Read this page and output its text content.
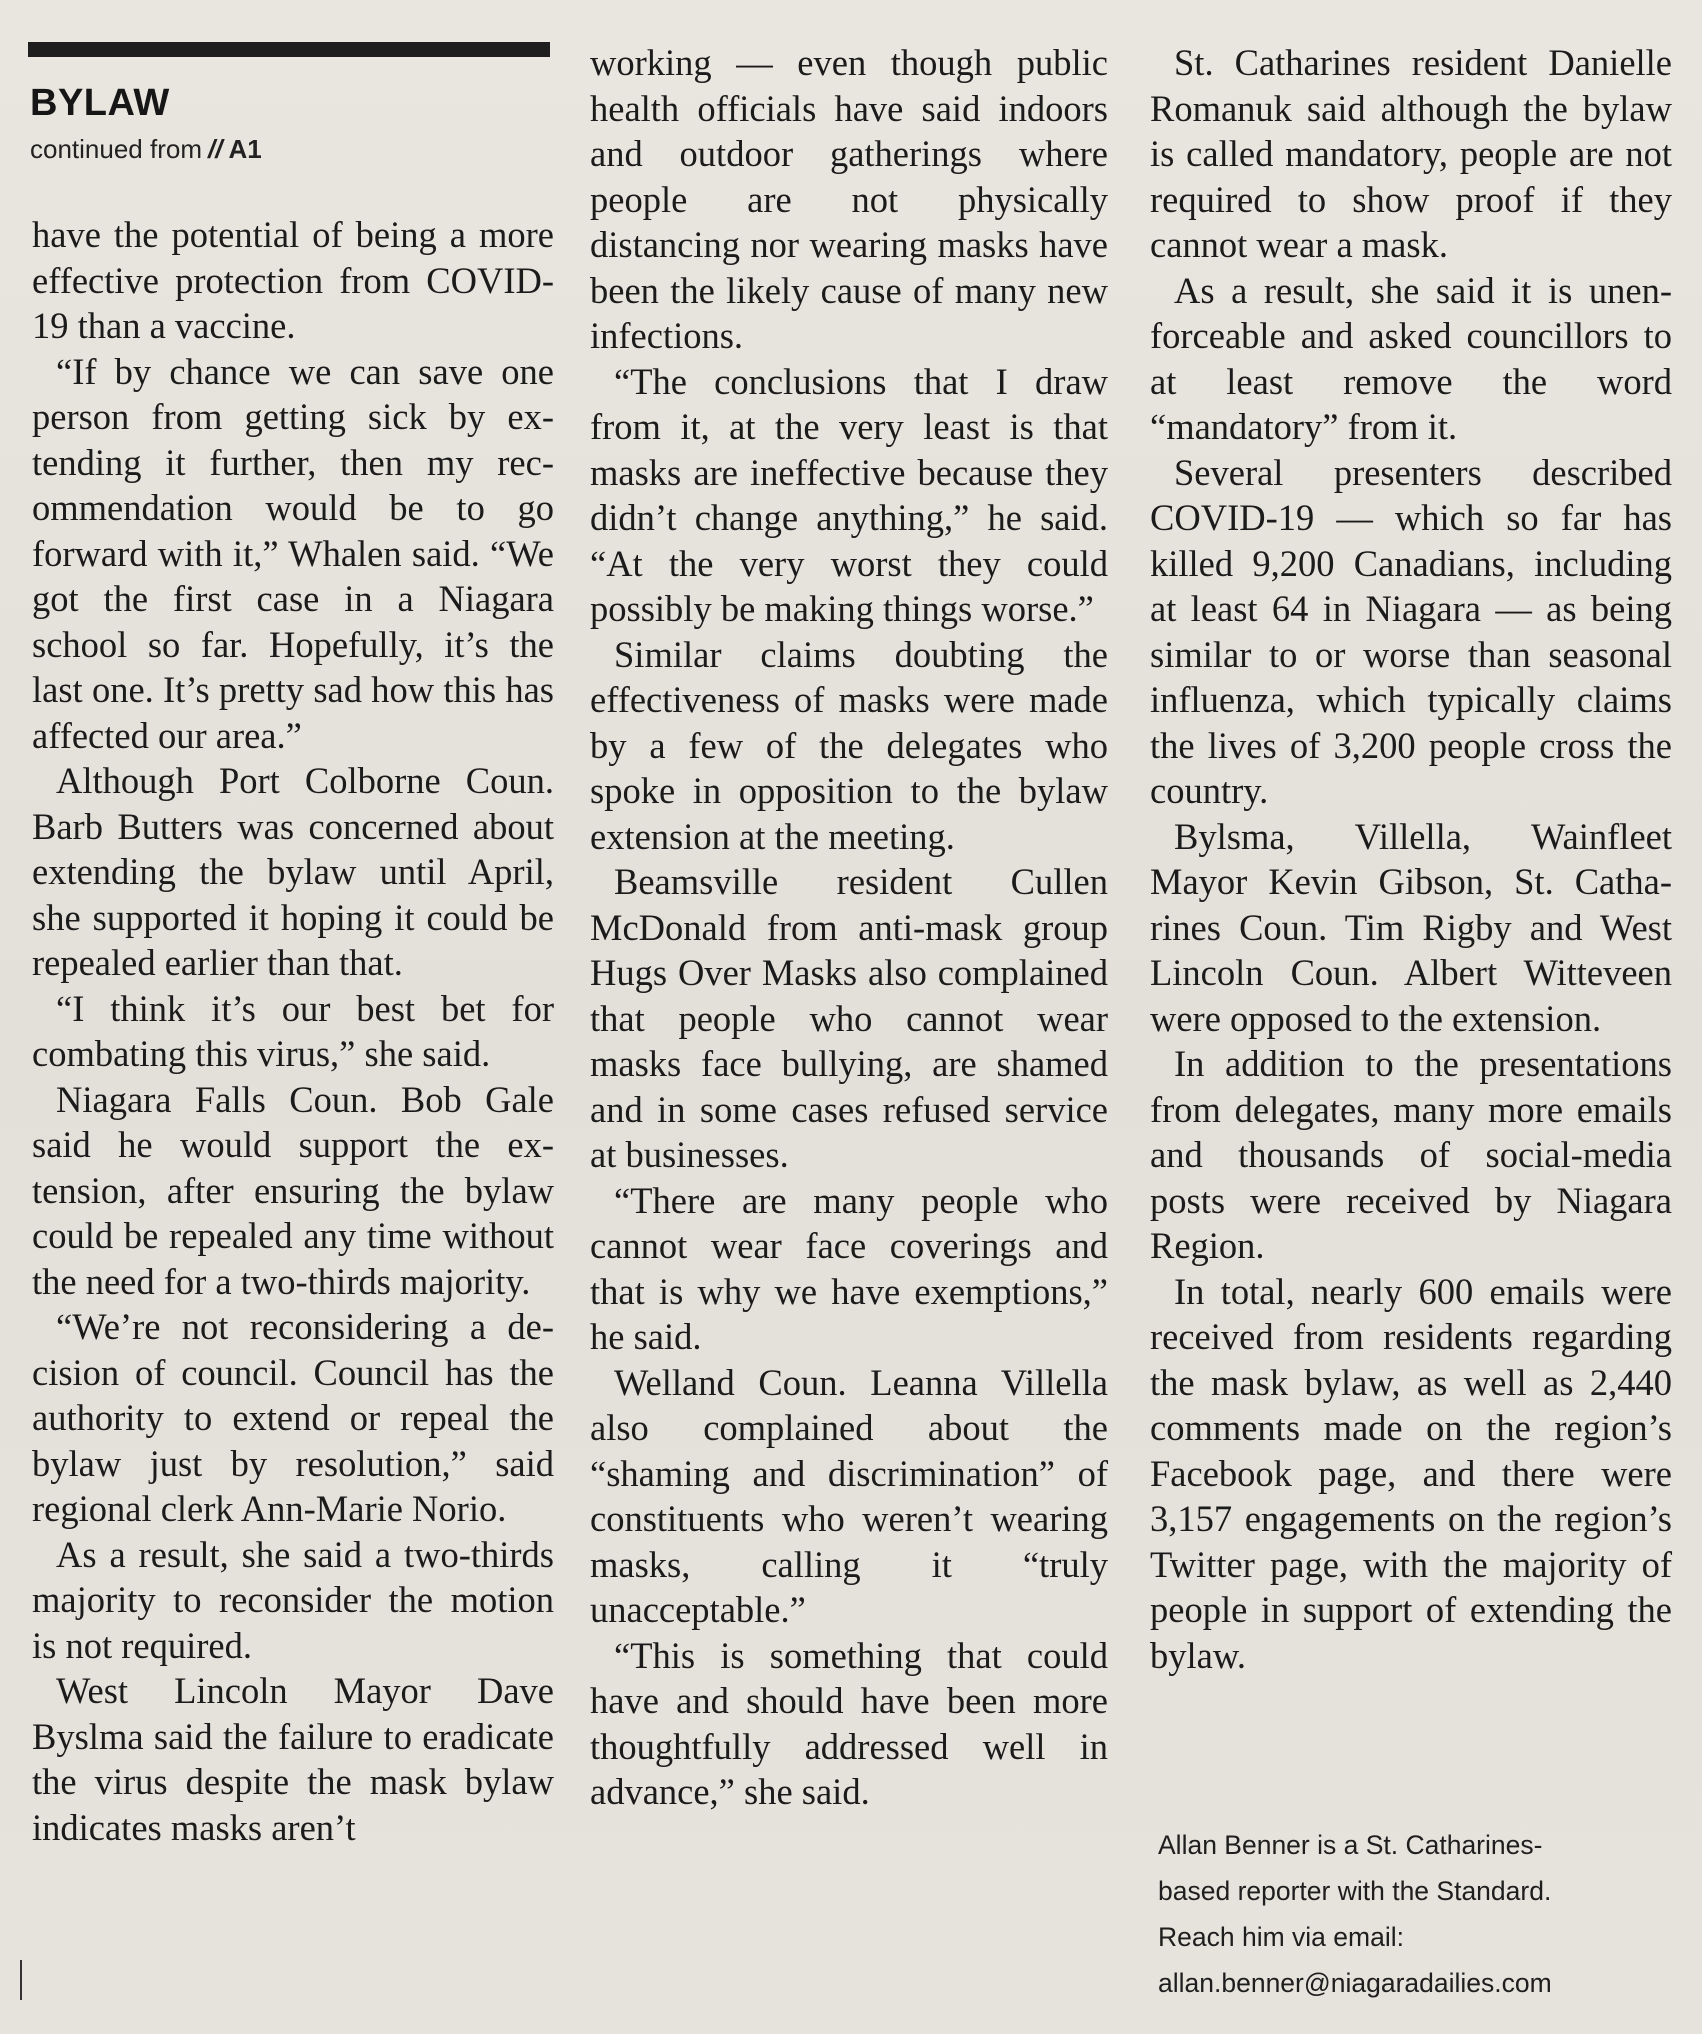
BYLAW
continued from // A1

have the potential of being a more effective protection from COVID-19 than a vaccine.

“If by chance we can save one person from getting sick by extending it further, then my recommendation would be to go forward with it,” Whalen said. “We got the first case in a Niagara school so far. Hopefully, it’s the last one. It’s pretty sad how this has affected our area.”

Although Port Colborne Coun. Barb Butters was concerned about extending the bylaw until April, she supported it hoping it could be repealed earlier than that.

“I think it’s our best bet for combating this virus,” she said.

Niagara Falls Coun. Bob Gale said he would support the extension, after ensuring the bylaw could be repealed any time without the need for a two-thirds majority.

“We’re not reconsidering a decision of council. Council has the authority to extend or repeal the bylaw just by resolution,” said regional clerk Ann-Marie Norio.

As a result, she said a two-thirds majority to reconsider the motion is not required.

West Lincoln Mayor Dave Byslma said the failure to eradicate the virus despite the mask bylaw indicates masks aren’t

working — even though public health officials have said indoors and outdoor gatherings where people are not physically distancing nor wearing masks have been the likely cause of many new infections.

“The conclusions that I draw from it, at the very least is that masks are ineffective because they didn’t change anything,” he said. “At the very worst they could possibly be making things worse.”

Similar claims doubting the effectiveness of masks were made by a few of the delegates who spoke in opposition to the bylaw extension at the meeting.

Beamsville resident Cullen McDonald from anti-mask group Hugs Over Masks also complained that people who cannot wear masks face bullying, are shamed and in some cases refused service at businesses.

“There are many people who cannot wear face coverings and that is why we have exemptions,” he said.

Welland Coun. Leanna Villella also complained about the “shaming and discrimination” of constituents who weren’t wearing masks, calling it “truly unacceptable.”

“This is something that could have and should have been more thoughtfully addressed well in advance,” she said.

St. Catharines resident Danielle Romanuk said although the bylaw is called mandatory, people are not required to show proof if they cannot wear a mask.

As a result, she said it is unenforceable and asked councillors to at least remove the word “mandatory” from it.

Several presenters described COVID-19 — which so far has killed 9,200 Canadians, including at least 64 in Niagara — as being similar to or worse than seasonal influenza, which typically claims the lives of 3,200 people cross the country.

Bylsma, Villella, Wainfleet Mayor Kevin Gibson, St. Catharines Coun. Tim Rigby and West Lincoln Coun. Albert Witteveen were opposed to the extension.

In addition to the presentations from delegates, many more emails and thousands of social-media posts were received by Niagara Region.

In total, nearly 600 emails were received from residents regarding the mask bylaw, as well as 2,440 comments made on the region’s Facebook page, and there were 3,157 engagements on the region’s Twitter page, with the majority of people in support of extending the bylaw.

Allan Benner is a St. Catharines-
based reporter with the Standard.
Reach him via email:
allan.benner@niagaradailies.com
